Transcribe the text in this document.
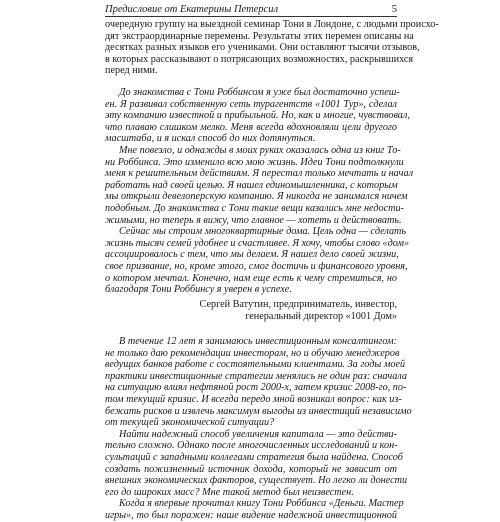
Предисловие от Екатерины Петерсил	5
очередную группу на выездной семинар Тони в Лондоне, с людьми происхо-
дят экстраординарные перемены. Результаты этих перемен описаны на
десятках разных языков его учениками. Они оставляют тысячи отзывов,
в которых рассказывают о потрясающих возможностях, раскрывшихся
перед ними.
До знакомства с Тони Роббинсом я уже был достаточно успеш-
ен. Я развивал собственную сеть турагентств «1001 Тур», сделал
эту компанию известной и прибыльной. Но, как и многие, чувствовал,
что плаваю слишком мелко. Меня всегда вдохновляли цели другого
масштаба, и я искал способ до них дотянуться.
Мне повезло, и однажды в моих руках оказалась одна из книг То-
ни Роббинса. Это изменило всю мою жизнь. Идеи Тони подтолкнули
меня к решительным действиям. Я перестал только мечтать и начал
работать над своей целью. Я нашел единомышленника, с которым
мы открыли девелоперскую компанию. Я никогда не занимался ничем
подобным. До знакомства с Тони такие вещи казались мне недости-
жимыми, но теперь я вижу, что главное — хотеть и действовать.
Сейчас мы строим многоквартирные дома. Цель одна — сделать
жизнь тысяч семей удобнее и счастливее. Я хочу, чтобы слово «дом»
ассоциировалось с тем, что мы делаем. Я нашел дело своей жизни,
свое призвание, но, кроме этого, смог достичь и финансового уровня,
о котором мечтал. Конечно, нам еще есть к чему стремиться, но
благодаря Тони Роббинсу я уверен в успехе.
Сергей Ватутин, предприниматель, инвестор,
генеральный директор «1001 Дом»
В течение 12 лет я занимаюсь инвестиционным консалтингом:
не только даю рекомендации инвесторам, но и обучаю менеджеров
ведущих банков работе с состоятельными клиентами. За годы моей
практики инвестиционные стратегии менялись не один раз: сначала
на ситуацию влиял нефтяной рост 2000-х, затем кризис 2008-го, по-
том текущий кризис. И всегда передо мной возникал вопрос: как из-
бежать рисков и извлечь максимум выгоды из инвестиций независимо
от текущей экономической ситуации?
Найти надежный способ увеличения капитала — это действи-
тельно сложно. Однако после многочисленных исследований и кон-
сультаций с западными коллегами стратегия была найдена. Способ
создать пожизненный источник дохода, который не зависит от
внешних экономических факторов, существует. Но легко ли донести
его до широких масс? Мне такой метод был неизвестен.
Когда я впервые прочитал книгу Тони Роббинса «Деньги. Мастер
игры», то был поражен: наше видение надежной инвестиционной
